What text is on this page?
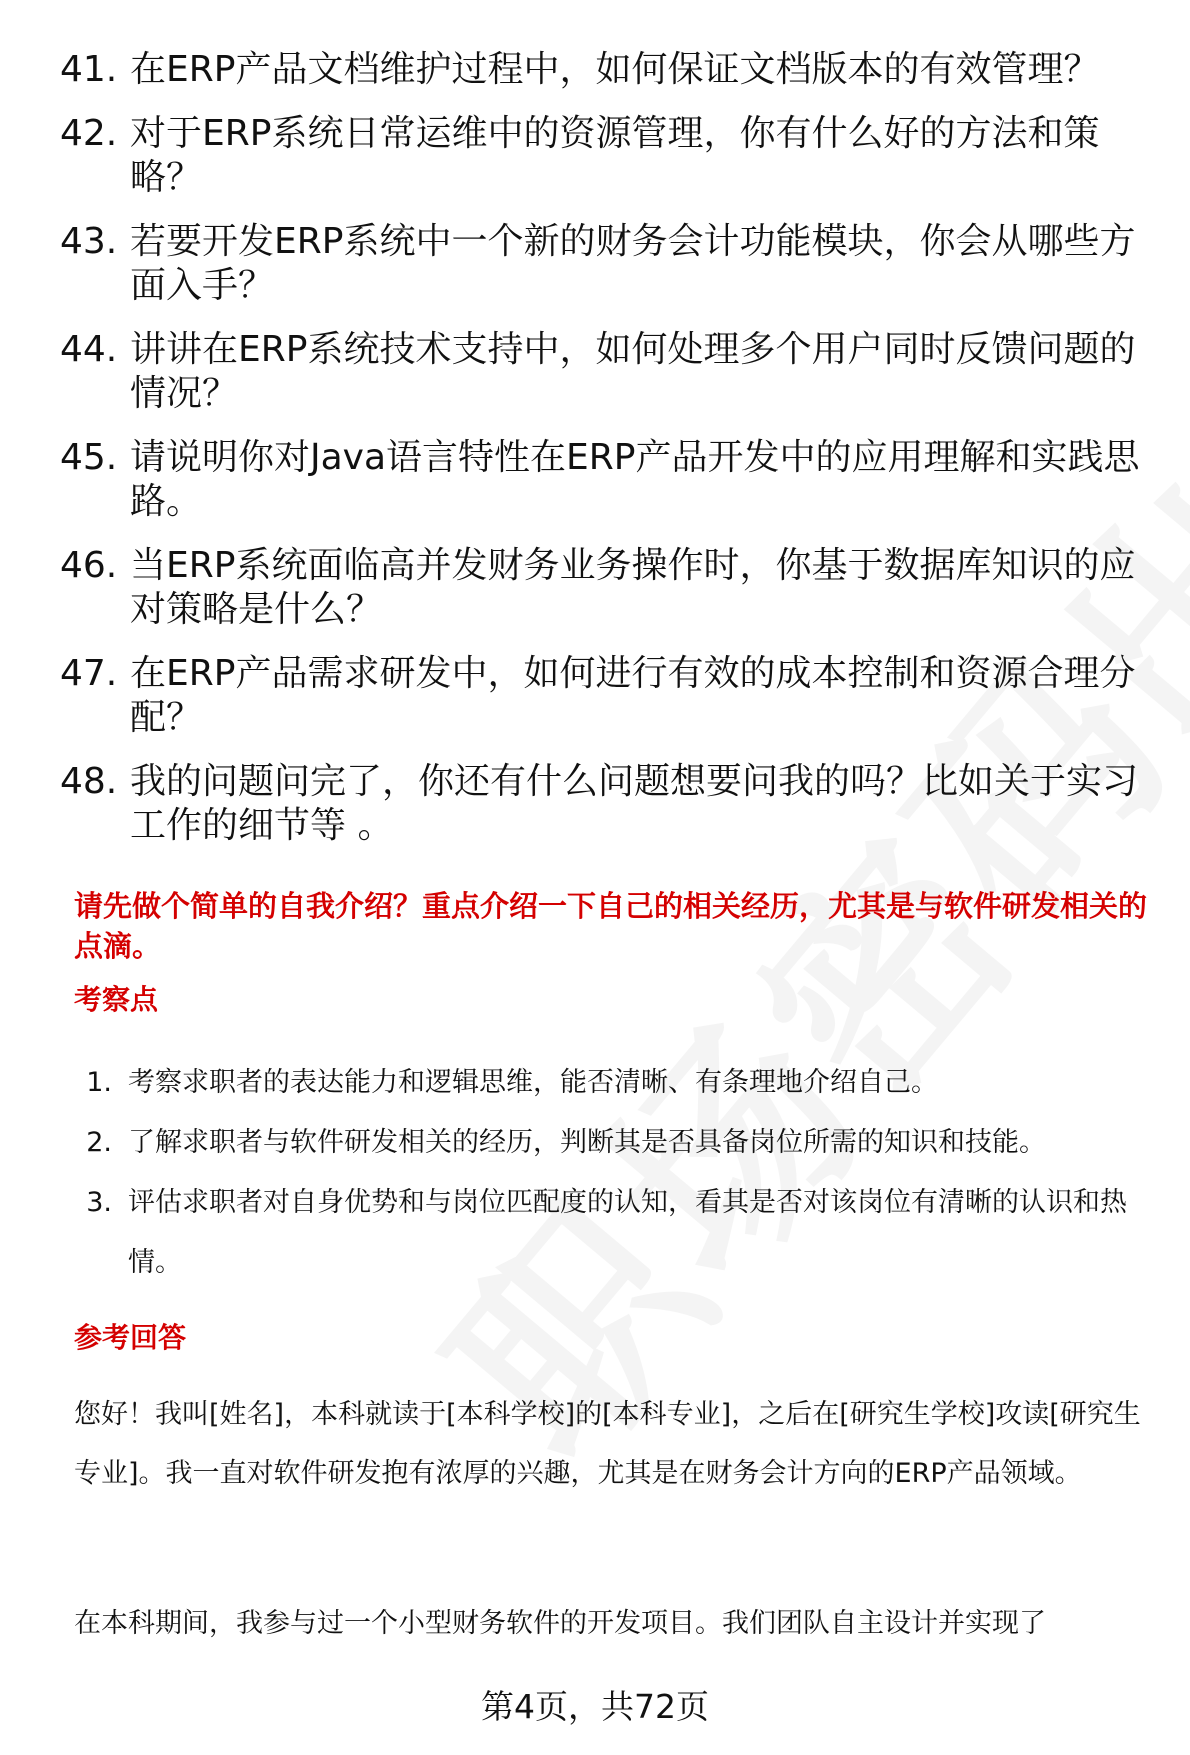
41. 在ERP产品文档维护过程中，如何保证文档版本的有效管理？
42. 对于ERP系统日常运维中的资源管理，你有什么好的方法和策略？
43. 若要开发ERP系统中一个新的财务会计功能模块，你会从哪些方面入手？
44. 讲讲在ERP系统技术支持中，如何处理多个用户同时反馈问题的情况？
45. 请说明你对Java语言特性在ERP产品开发中的应用理解和实践思路。
46. 当ERP系统面临高并发财务业务操作时，你基于数据库知识的应对策略是什么？
47. 在ERP产品需求研发中，如何进行有效的成本控制和资源合理分配？
48. 我的问题问完了，你还有什么问题想要问我的吗？比如关于实习工作的细节等 。
请先做个简单的自我介绍？重点介绍一下自己的相关经历，尤其是与软件研发相关的点滴。
考察点
1. 考察求职者的表达能力和逻辑思维，能否清晰、有条理地介绍自己。
2. 了解求职者与软件研发相关的经历，判断其是否具备岗位所需的知识和技能。
3. 评估求职者对自身优势和与岗位匹配度的认知，看其是否对该岗位有清晰的认识和热情。
参考回答
您好！我叫[姓名]，本科就读于[本科学校]的[本科专业]，之后在[研究生学校]攻读[研究生专业]。我一直对软件研发抱有浓厚的兴趣，尤其是在财务会计方向的ERP产品领域。
在本科期间，我参与过一个小型财务软件的开发项目。我们团队自主设计并实现了
第4页，共72页
